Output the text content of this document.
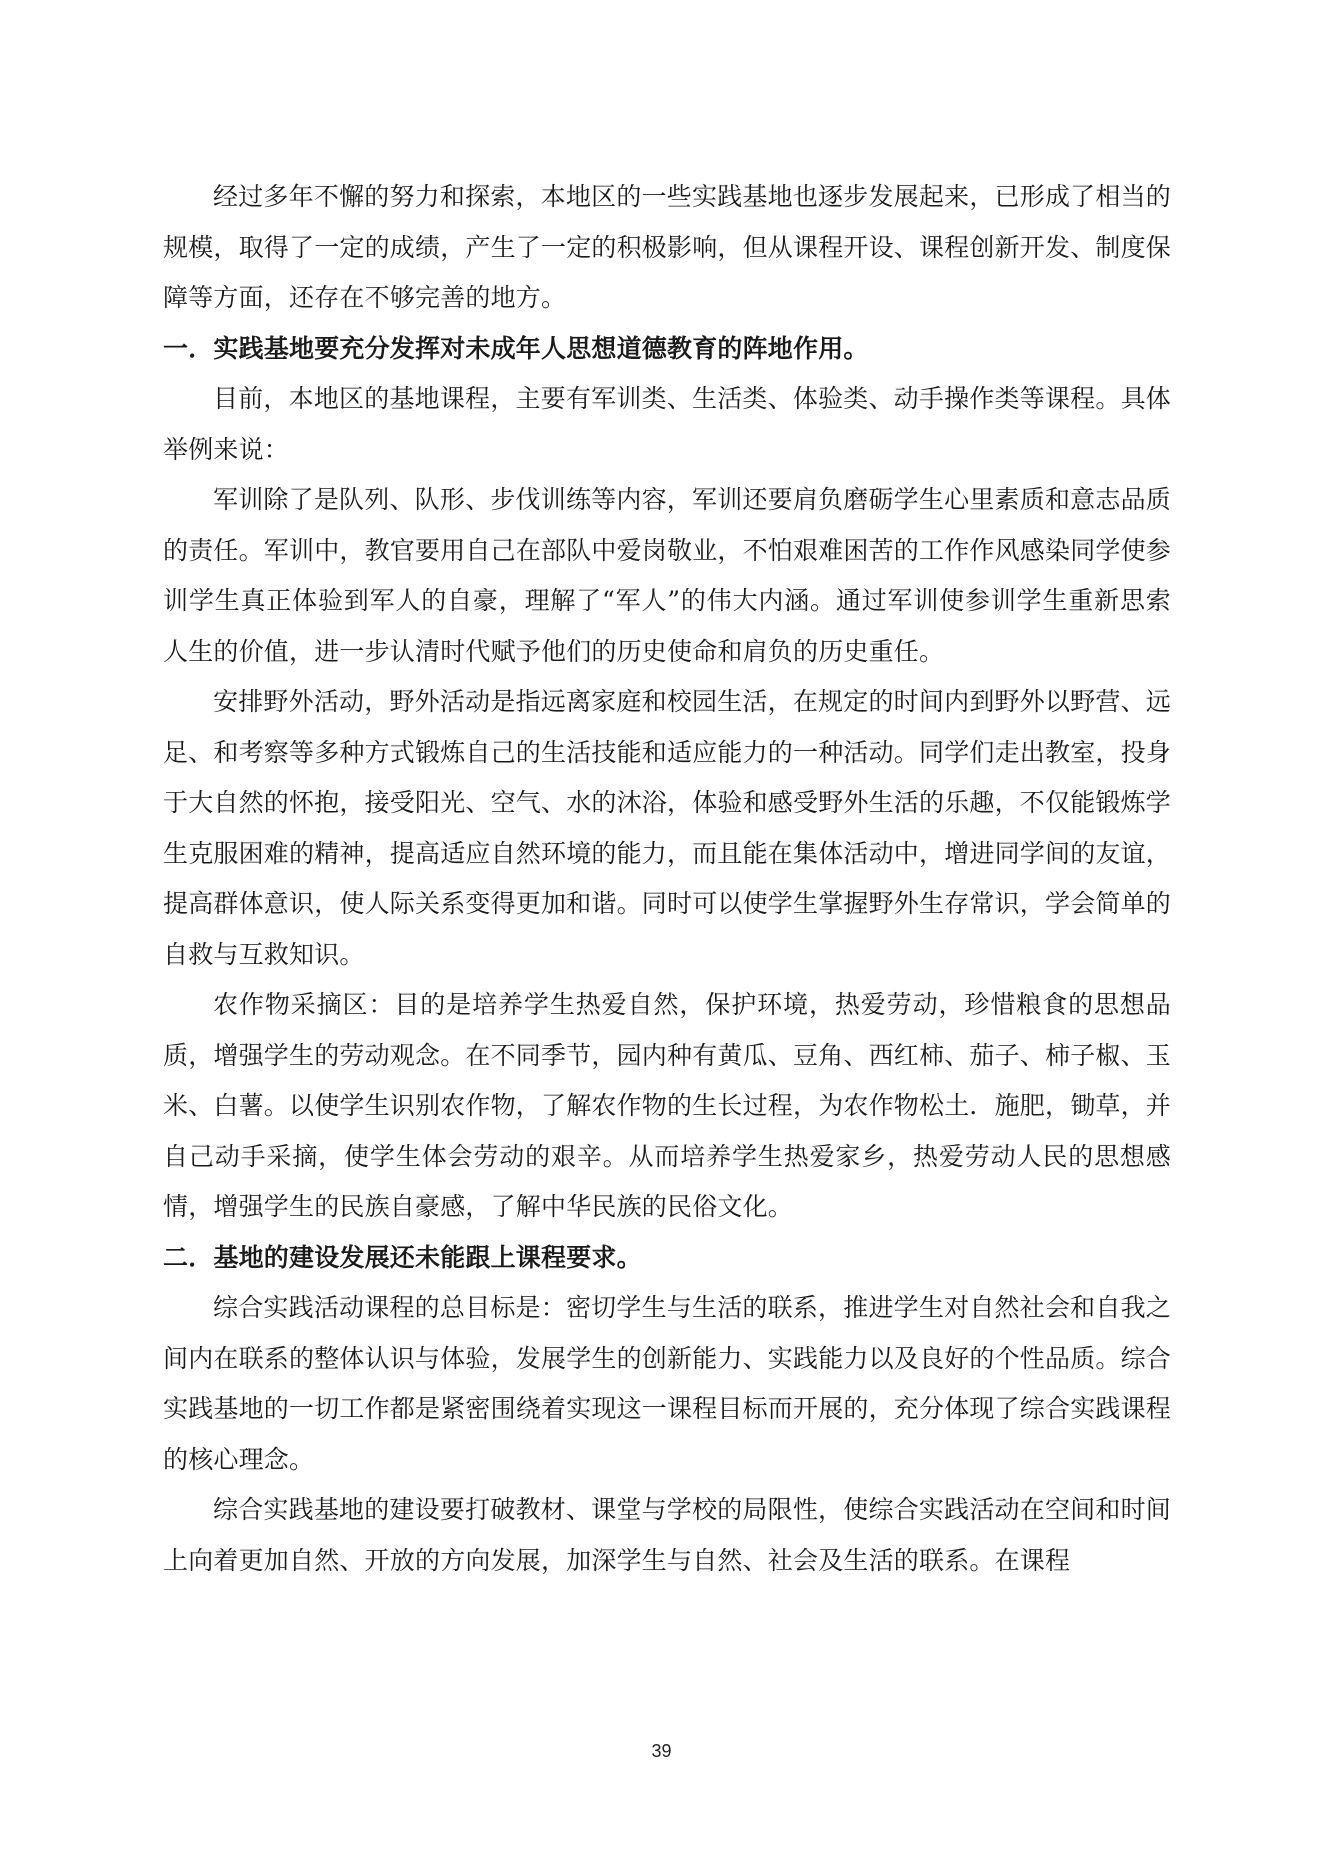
经过多年不懈的努力和探索，本地区的一些实践基地也逐步发展起来，已形成了相当的规模，取得了一定的成绩，产生了一定的积极影响，但从课程开设、课程创新开发、制度保障等方面，还存在不够完善的地方。

一．实践基地要充分发挥对未成年人思想道德教育的阵地作用。

目前，本地区的基地课程，主要有军训类、生活类、体验类、动手操作类等课程。具体举例来说：

军训除了是队列、队形、步伐训练等内容，军训还要肩负磨砺学生心里素质和意志品质的责任。军训中，教官要用自己在部队中爱岗敬业，不怕艰难困苦的工作作风感染同学使参训学生真正体验到军人的自豪，理解了“军人”的伟大内涵。通过军训使参训学生重新思索人生的价值，进一步认清时代赋予他们的历史使命和肩负的历史重任。

安排野外活动，野外活动是指远离家庭和校园生活，在规定的时间内到野外以野营、远足、和考察等多种方式锻炼自己的生活技能和适应能力的一种活动。同学们走出教室，投身于大自然的怀抱，接受阳光、空气、水的沐浴，体验和感受野外生活的乐趣，不仅能锻炼学生克服困难的精神，提高适应自然环境的能力，而且能在集体活动中，增进同学间的友谊，提高群体意识，使人际关系变得更加和谐。同时可以使学生掌握野外生存常识，学会简单的自救与互救知识。

农作物采摘区：目的是培养学生热爱自然，保护环境，热爱劳动，珍惜粮食的思想品质，增强学生的劳动观念。在不同季节，园内种有黄瓜、豆角、西红柿、茄子、柿子椒、玉米、白薯。以使学生识别农作物，了解农作物的生长过程，为农作物松土．施肥，锄草，并自己动手采摘，使学生体会劳动的艰辛。从而培养学生热爱家乡，热爱劳动人民的思想感情，增强学生的民族自豪感，了解中华民族的民俗文化。

二．基地的建设发展还未能跟上课程要求。

综合实践活动课程的总目标是：密切学生与生活的联系，推进学生对自然社会和自我之间内在联系的整体认识与体验，发展学生的创新能力、实践能力以及良好的个性品质。综合实践基地的一切工作都是紧密围绕着实现这一课程目标而开展的，充分体现了综合实践课程的核心理念。

综合实践基地的建设要打破教材、课堂与学校的局限性，使综合实践活动在空间和时间上向着更加自然、开放的方向发展，加深学生与自然、社会及生活的联系。在课程

39
